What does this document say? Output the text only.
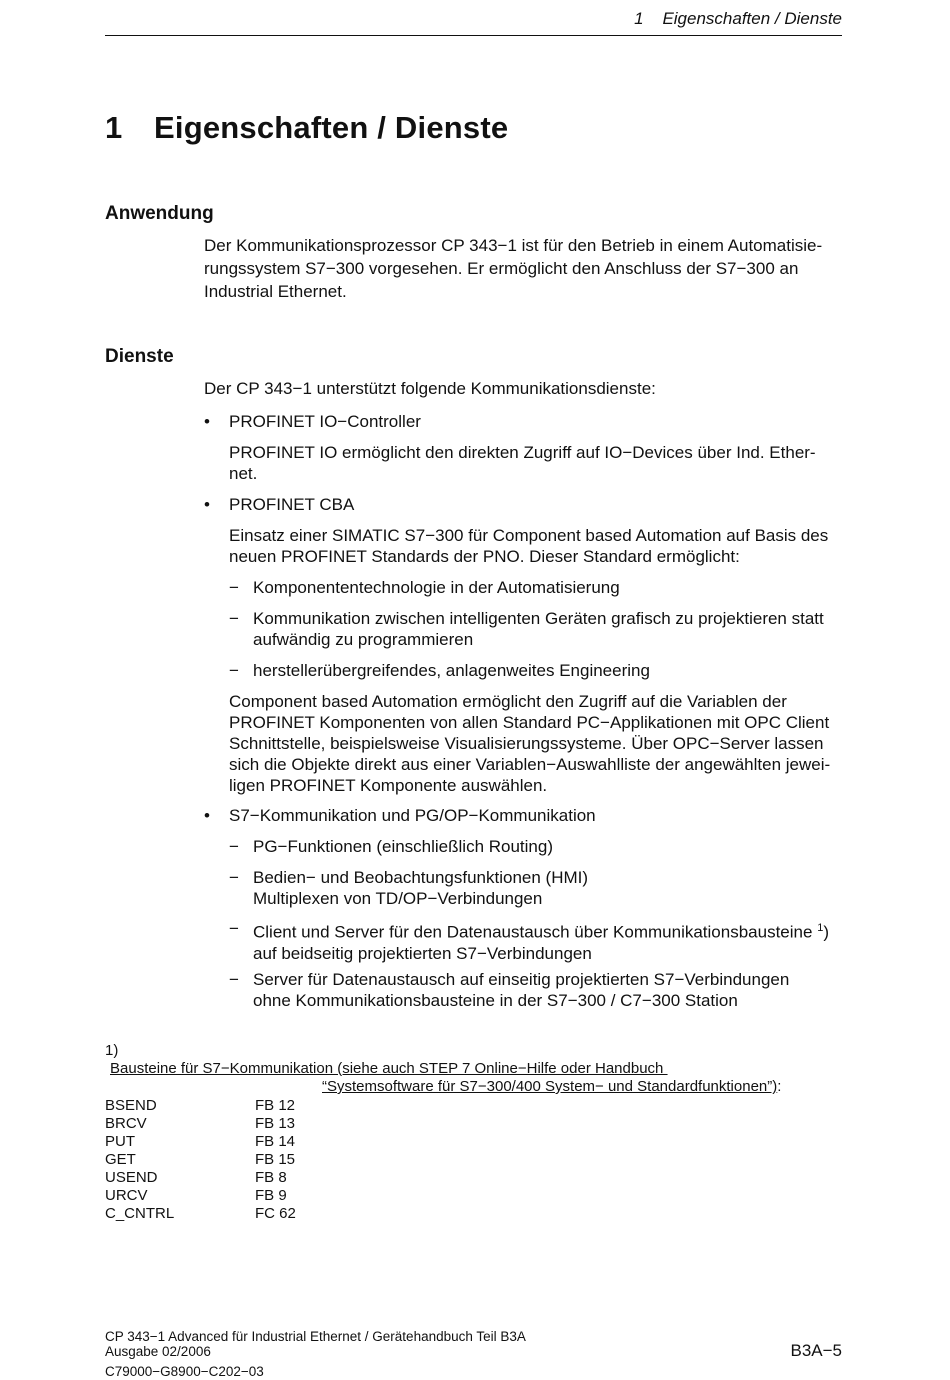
1    Eigenschaften / Dienste
1 Eigenschaften / Dienste
Anwendung
Der Kommunikationsprozessor CP 343−1 ist für den Betrieb in einem Automatisie-
rungssystem S7−300 vorgesehen. Er ermöglicht den Anschluss der S7−300 an
Industrial Ethernet.
Dienste
Der CP 343−1 unterstützt folgende Kommunikationsdienste:
• PROFINET IO−Controller
PROFINET IO ermöglicht den direkten Zugriff auf IO−Devices über Ind. Ether-
net.
• PROFINET CBA
Einsatz einer SIMATIC S7−300 für Component based Automation auf Basis des
neuen PROFINET Standards der PNO. Dieser Standard ermöglicht:
− Komponententechnologie in der Automatisierung
− Kommunikation zwischen intelligenten Geräten grafisch zu projektieren statt
aufwändig zu programmieren
− herstellerübergreifendes, anlagenweites Engineering
Component based Automation ermöglicht den Zugriff auf die Variablen der
PROFINET Komponenten von allen Standard PC−Applikationen mit OPC Client
Schnittstelle, beispielsweise Visualisierungssysteme. Über OPC−Server lassen
sich die Objekte direkt aus einer Variablen−Auswahlliste der angewählten jewei-
ligen PROFINET Komponente auswählen.
• S7−Kommunikation und PG/OP−Kommunikation
− PG−Funktionen (einschließlich Routing)
− Bedien− und Beobachtungsfunktionen (HMI)
Multiplexen von TD/OP−Verbindungen
− Client und Server für den Datenaustausch über Kommunikationsbausteine $^1$)
auf beidseitig projektierten S7−Verbindungen
− Server für Datenaustausch auf einseitig projektierten S7−Verbindungen
ohne Kommunikationsbausteine in der S7−300 / C7−300 Station
1)
Bausteine für S7−Kommunikation (siehe auch STEP 7 Online−Hilfe oder Handbuch
“Systemsoftware für S7−300/400 System− und Standardfunktionen”):
BSEND	FB 12
BRCV	FB 13
PUT	FB 14
GET	FB 15
USEND	FB 8
URCV	FB 9
C_CNTRL	FC 62
CP 343−1 Advanced für Industrial Ethernet / Gerätehandbuch Teil B3A
Ausgabe 02/2006
C79000−G8900−C202−03
B3A−5
